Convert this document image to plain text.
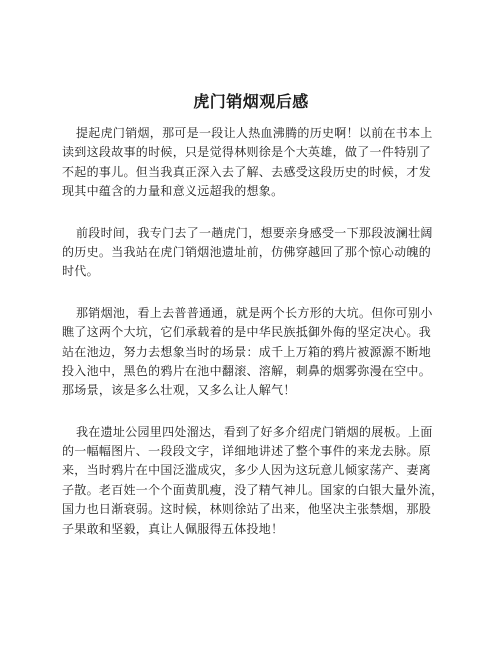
虎门销烟观后感
提起虎门销烟，那可是一段让人热血沸腾的历史啊！以前在书本上
读到这段故事的时候，只是觉得林则徐是个大英雄，做了一件特别了
不起的事儿。但当我真正深入去了解、去感受这段历史的时候，才发
现其中蕴含的力量和意义远超我的想象。
前段时间，我专门去了一趟虎门，想要亲身感受一下那段波澜壮阔
的历史。当我站在虎门销烟池遗址前，仿佛穿越回了那个惊心动魄的
时代。
那销烟池，看上去普普通通，就是两个长方形的大坑。但你可别小
瞧了这两个大坑，它们承载着的是中华民族抵御外侮的坚定决心。我
站在池边，努力去想象当时的场景：成千上万箱的鸦片被源源不断地
投入池中，黑色的鸦片在池中翻滚、溶解，刺鼻的烟雾弥漫在空中。
那场景，该是多么壮观，又多么让人解气！
我在遗址公园里四处溜达，看到了好多介绍虎门销烟的展板。上面
的一幅幅图片、一段段文字，详细地讲述了整个事件的来龙去脉。原
来，当时鸦片在中国泛滥成灾，多少人因为这玩意儿倾家荡产、妻离
子散。老百姓一个个面黄肌瘦，没了精气神儿。国家的白银大量外流，
国力也日渐衰弱。这时候，林则徐站了出来，他坚决主张禁烟，那股
子果敢和坚毅，真让人佩服得五体投地！
